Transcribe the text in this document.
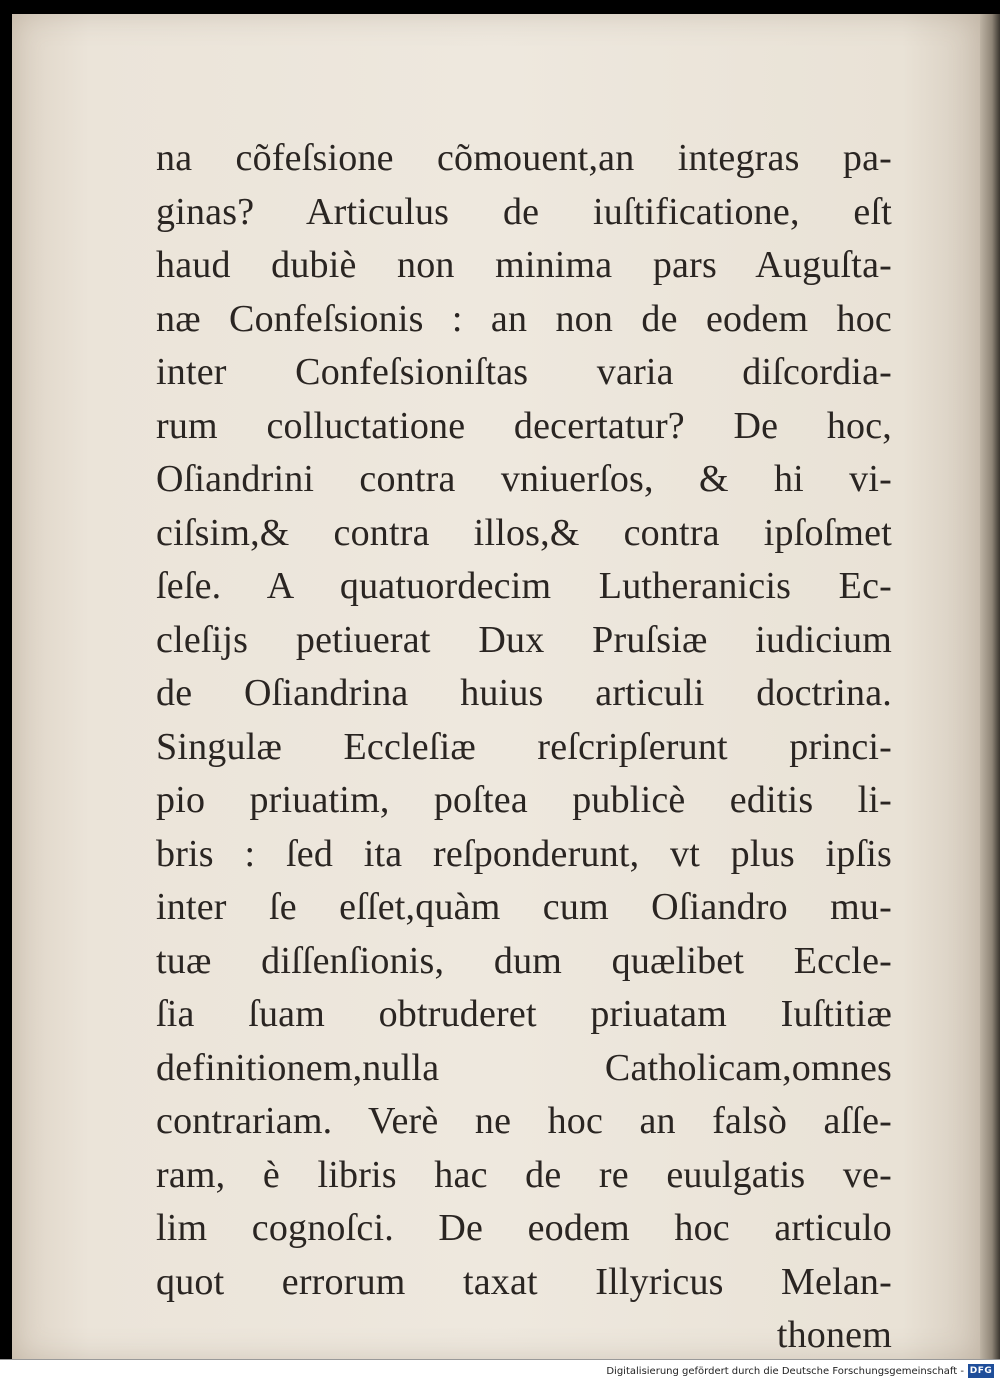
na cõfeſsione cõmouent,an integras pa-
ginas? Articulus de iuſtificatione, eſt
haud dubiè non minima pars Auguſta-
næ Confeſsionis : an non de eodem hoc
inter Confeſsioniſtas varia diſcordia-
rum colluctatione decertatur? De hoc,
Oſiandrini contra vniuerſos, & hi vi-
ciſsim,& contra illos,& contra ipſoſmet
ſeſe. A quatuordecim Lutheranicis Ec-
cleſijs petiuerat Dux Pruſsiæ iudicium
de Oſiandrina huius articuli doctrina.
Singulæ Eccleſiæ reſcripſerunt princi-
pio priuatim, poſtea publicè editis li-
bris : ſed ita reſponderunt, vt plus ipſis
inter ſe eſſet,quàm cum Oſiandro mu-
tuæ diſſenſionis, dum quælibet Eccle-
ſia ſuam obtruderet priuatam Iuſtitiæ
definitionem,nulla Catholicam,omnes
contrariam. Verè ne hoc an falsò aſſe-
ram, è libris hac de re euulgatis ve-
lim cognoſci. De eodem hoc articulo
quot errorum taxat Illyricus Melan-
thonem
Digitalisierung gefördert durch die Deutsche Forschungsgemeinschaft - DFG
